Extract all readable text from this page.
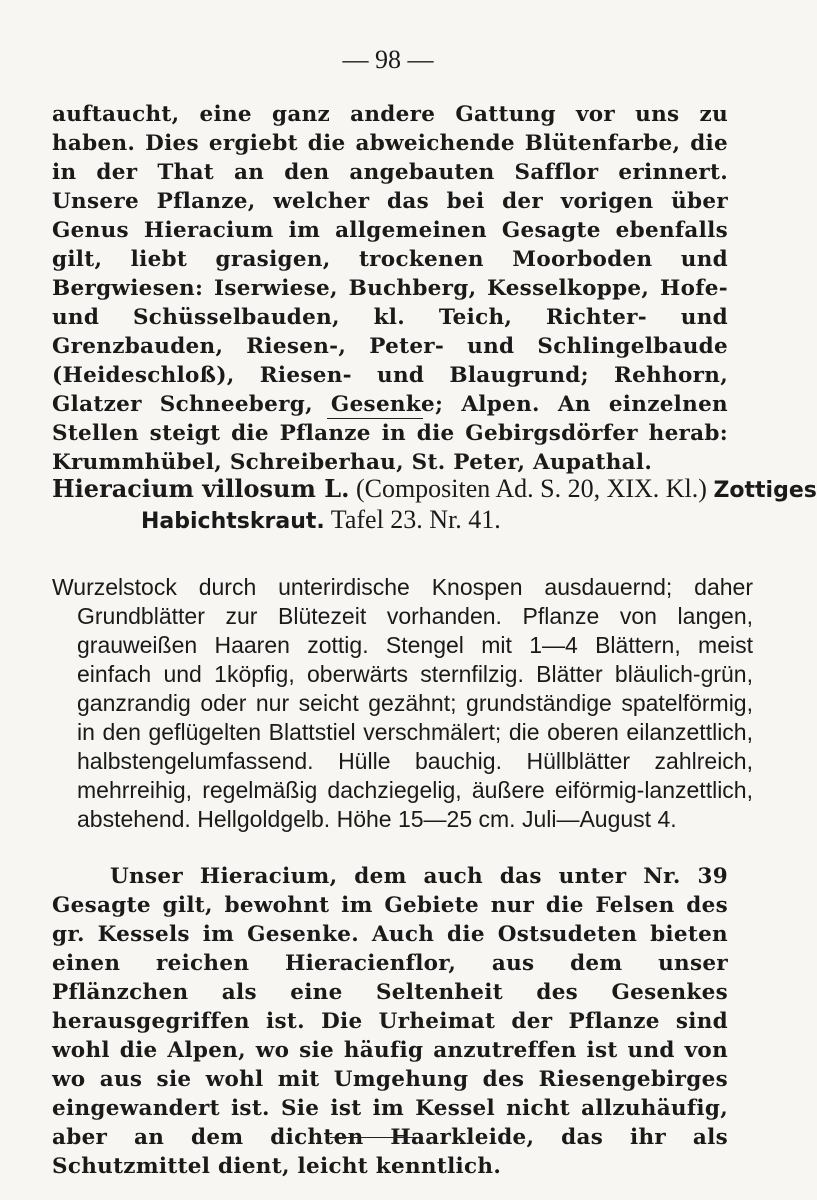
— 98 —

auftaucht, eine ganz andere Gattung vor uns zu haben. Dies ergiebt die abweichende Blütenfarbe, die in der That an den angebauten Safflor erinnert. Unsere Pflanze, welcher das bei der vorigen über Genus Hieracium im allgemeinen Gesagte ebenfalls gilt, liebt grasigen, trockenen Moorboden und Bergwiesen: Iserwiese, Buchberg, Kesselkoppe, Hofe- und Schüsselbauden, kl. Teich, Richter- und Grenzbauden, Riesen-, Peter- und Schlingelbaude (Heideschloß), Riesen- und Blaugrund; Rehhorn, Glatzer Schneeberg, Gesenke; Alpen. An einzelnen Stellen steigt die Pflanze in die Gebirgsdörfer herab: Krummhübel, Schreiberhau, St. Peter, Aupathal.

Hieracium villosum L. (Compositen Ad. S. 20, XIX. Kl.) Zottiges Habichtskraut. Tafel 23. Nr. 41.

Wurzelstock durch unterirdische Knospen ausdauernd; daher Grundblätter zur Blütezeit vorhanden. Pflanze von langen, grauweißen Haaren zottig. Stengel mit 1—4 Blättern, meist einfach und 1köpfig, oberwärts sternfilzig. Blätter bläulich-grün, ganzrandig oder nur seicht gezähnt; grundständige spatelförmig, in den geflügelten Blattstiel verschmälert; die oberen eilanzettlich, halbstengelumfassend. Hülle bauchig. Hüllblätter zahlreich, mehrreihig, regelmäßig dachziegelig, äußere eiförmig-lanzettlich, abstehend. Hellgoldgelb. Höhe 15—25 cm. Juli—August 4.

Unser Hieracium, dem auch das unter Nr. 39 Gesagte gilt, bewohnt im Gebiete nur die Felsen des gr. Kessels im Gesenke. Auch die Ostsudeten bieten einen reichen Hieracienflor, aus dem unser Pflänzchen als eine Seltenheit des Gesenkes herausgegriffen ist. Die Urheimat der Pflanze sind wohl die Alpen, wo sie häufig anzutreffen ist und von wo aus sie wohl mit Umgehung des Riesengebirges eingewandert ist. Sie ist im Kessel nicht allzuhäufig, aber an dem dichten Haarkleide, das ihr als Schutzmittel dient, leicht kenntlich.
